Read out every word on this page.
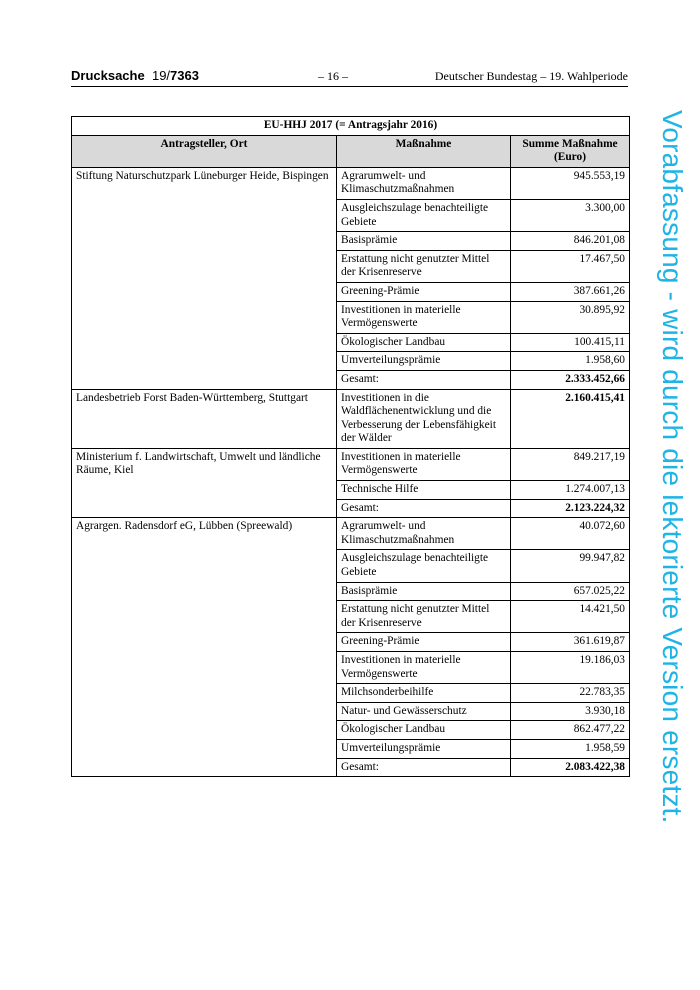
Drucksache 19/7363	– 16 –	Deutscher Bundestag – 19. Wahlperiode
EU-HHJ 2017 (= Antragsjahr 2016)		
Antragsteller, Ort	Maßnahme	Summe Maßnahme (Euro)
Stiftung Naturschutzpark Lüneburger Heide, Bispingen	Agrarumwelt- und Klimaschutzmaßnahmen	945.553,19
	Ausgleichszulage benachteiligte Gebiete	3.300,00
	Basisprämie	846.201,08
	Erstattung nicht genutzter Mittel der Krisenreserve	17.467,50
	Greening-Prämie	387.661,26
	Investitionen in materielle Vermögenswerte	30.895,92
	Ökologischer Landbau	100.415,11
	Umverteilungsprämie	1.958,60
	Gesamt:	2.333.452,66
Landesbetrieb Forst Baden-Württemberg, Stuttgart	Investitionen in die Waldflächenentwicklung und die Verbesserung der Lebensfähigkeit der Wälder	2.160.415,41
Ministerium f. Landwirtschaft, Umwelt und ländliche Räume, Kiel	Investitionen in materielle Vermögenswerte	849.217,19
	Technische Hilfe	1.274.007,13
	Gesamt:	2.123.224,32
Agrargen. Radensdorf eG, Lübben (Spreewald)	Agrarumwelt- und Klimaschutzmaßnahmen	40.072,60
	Ausgleichszulage benachteiligte Gebiete	99.947,82
	Basisprämie	657.025,22
	Erstattung nicht genutzter Mittel der Krisenreserve	14.421,50
	Greening-Prämie	361.619,87
	Investitionen in materielle Vermögenswerte	19.186,03
	Milchsonderbeihilfe	22.783,35
	Natur- und Gewässerschutz	3.930,18
	Ökologischer Landbau	862.477,22
	Umverteilungsprämie	1.958,59
	Gesamt:	2.083.422,38	Vorabfassung - wird durch die lektorierte Version ersetzt.
